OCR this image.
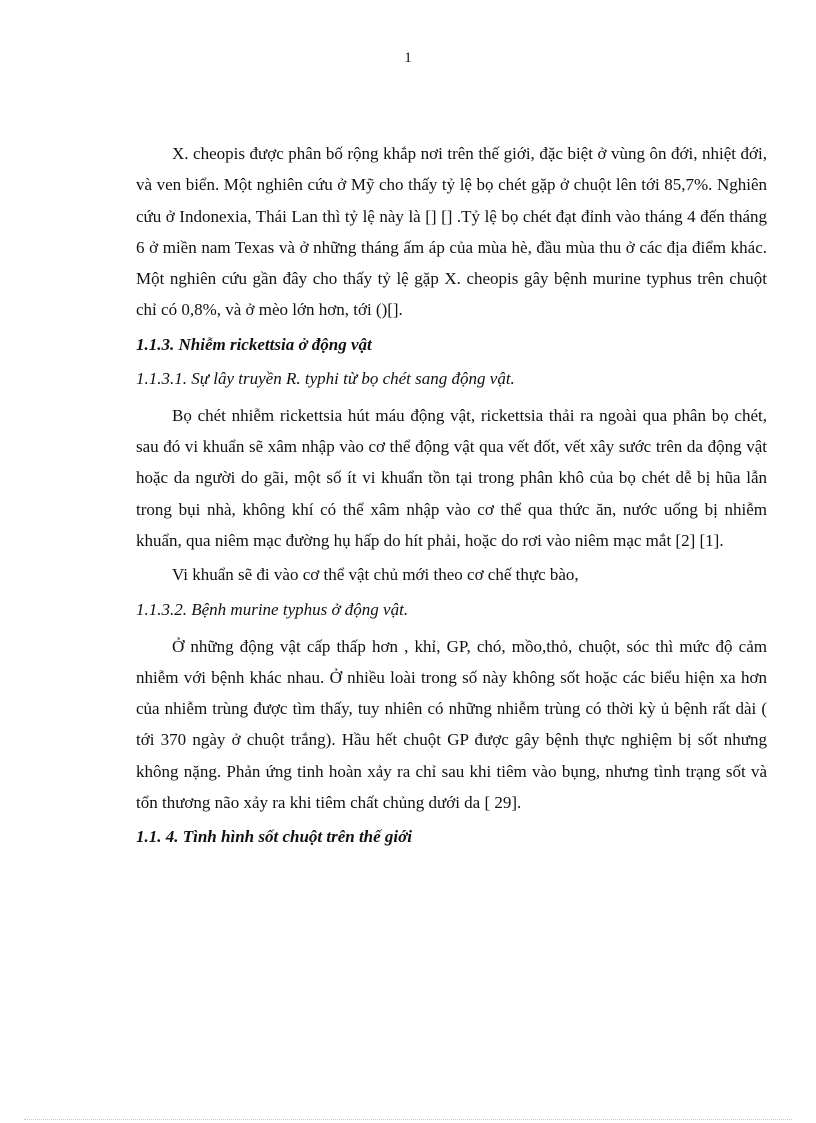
1

X. cheopis được phân bố rộng khắp nơi trên thế giới, đặc biệt ở vùng ôn đới, nhiệt đới, và ven biển. Một nghiên cứu ở Mỹ cho thấy tỷ lệ bọ chét gặp ở chuột lên tới 85,7%. Nghiên cứu ở Indonexia, Thái Lan thì tỷ lệ này là [] [] .Tỷ lệ bọ chét đạt đỉnh vào tháng 4 đến tháng 6 ở miền nam Texas và ở những tháng ấm áp của mùa hè, đầu mùa thu ở các địa điểm khác. Một nghiên cứu gần đây cho thấy tỷ lệ gặp X. cheopis gây bệnh murine typhus trên chuột chỉ có 0,8%, và ở mèo lớn hơn, tới ()[].

1.1.3. Nhiễm rickettsia ở động vật

1.1.3.1. Sự lây truyền R. typhi từ bọ chét sang động vật.

Bọ chét nhiễm rickettsia hút máu động vật, rickettsia thải ra ngoài qua phân bọ chét, sau đó vi khuẩn sẽ xâm nhập vào cơ thể động vật qua vết đốt, vết xây sước trên da động vật hoặc da người do gãi, một số ít vi khuẩn tồn tại trong phân khô của bọ chét dễ bị hũa lẫn trong bụi nhà, không khí có thể xâm nhập vào cơ thể qua thức ăn, nước uống bị nhiễm khuẩn, qua niêm mạc đường hụ hấp do hít phải, hoặc do rơi vào niêm mạc mắt [2] [1].

Vi khuẩn sẽ đi vào cơ thể vật chủ mới theo cơ chế thực bào,

1.1.3.2. Bệnh murine typhus ở động vật.

Ở những động vật cấp thấp hơn , khỉ, GP, chó, mồo,thỏ, chuột, sóc thì mức độ cảm nhiễm với bệnh khác nhau. Ở nhiều loài trong số này không sốt hoặc các biểu hiện xa hơn của nhiễm trùng được tìm thấy, tuy nhiên có những nhiễm trùng có thời kỳ ủ bệnh rất dài ( tới 370 ngày ở chuột trắng). Hầu hết chuột GP được gây bệnh thực nghiệm bị sốt nhưng không nặng. Phản ứng tinh hoàn xảy ra chỉ sau khi tiêm vào bụng, nhưng tình trạng sốt và tổn thương não xảy ra khi tiêm chất chủng dưới da [ 29].

1.1. 4. Tình hình sốt chuột trên thế giới
